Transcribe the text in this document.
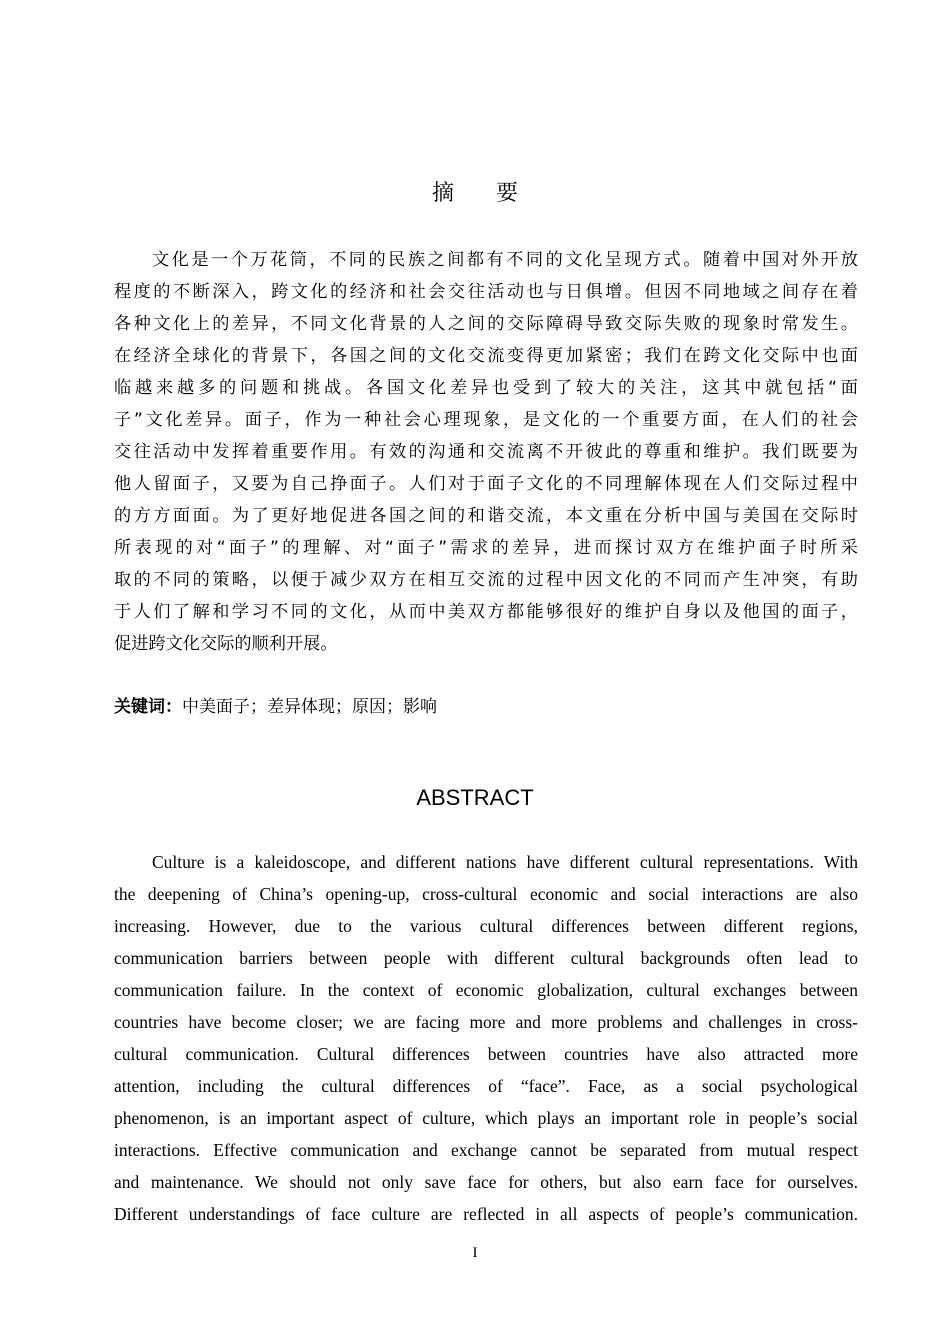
摘 要
文化是一个万花筒，不同的民族之间都有不同的文化呈现方式。随着中国对外开放
程度的不断深入，跨文化的经济和社会交往活动也与日俱增。但因不同地域之间存在着
各种文化上的差异，不同文化背景的人之间的交际障碍导致交际失败的现象时常发生。
在经济全球化的背景下，各国之间的文化交流变得更加紧密；我们在跨文化交际中也面
临越来越多的问题和挑战。各国文化差异也受到了较大的关注，这其中就包括“面
子”文化差异。面子，作为一种社会心理现象，是文化的一个重要方面，在人们的社会
交往活动中发挥着重要作用。有效的沟通和交流离不开彼此的尊重和维护。我们既要为
他人留面子，又要为自己挣面子。人们对于面子文化的不同理解体现在人们交际过程中
的方方面面。为了更好地促进各国之间的和谐交流，本文重在分析中国与美国在交际时
所表现的对“面子”的理解、对“面子”需求的差异，进而探讨双方在维护面子时所采
取的不同的策略，以便于减少双方在相互交流的过程中因文化的不同而产生冲突，有助
于人们了解和学习不同的文化，从而中美双方都能够很好的维护自身以及他国的面子，
促进跨文化交际的顺利开展。
关键词：中美面子；差异体现；原因；影响
ABSTRACT
Culture is a kaleidoscope, and different nations have different cultural representations. With
the deepening of China’s opening-up, cross-cultural economic and social interactions are also
increasing. However, due to the various cultural differences between different regions,
communication barriers between people with different cultural backgrounds often lead to
communication failure. In the context of economic globalization, cultural exchanges between
countries have become closer; we are facing more and more problems and challenges in cross-
cultural communication. Cultural differences between countries have also attracted more
attention, including the cultural differences of “face”. Face, as a social psychological
phenomenon, is an important aspect of culture, which plays an important role in people’s social
interactions. Effective communication and exchange cannot be separated from mutual respect
and maintenance. We should not only save face for others, but also earn face for ourselves.
Different understandings of face culture are reflected in all aspects of people’s communication.
I
